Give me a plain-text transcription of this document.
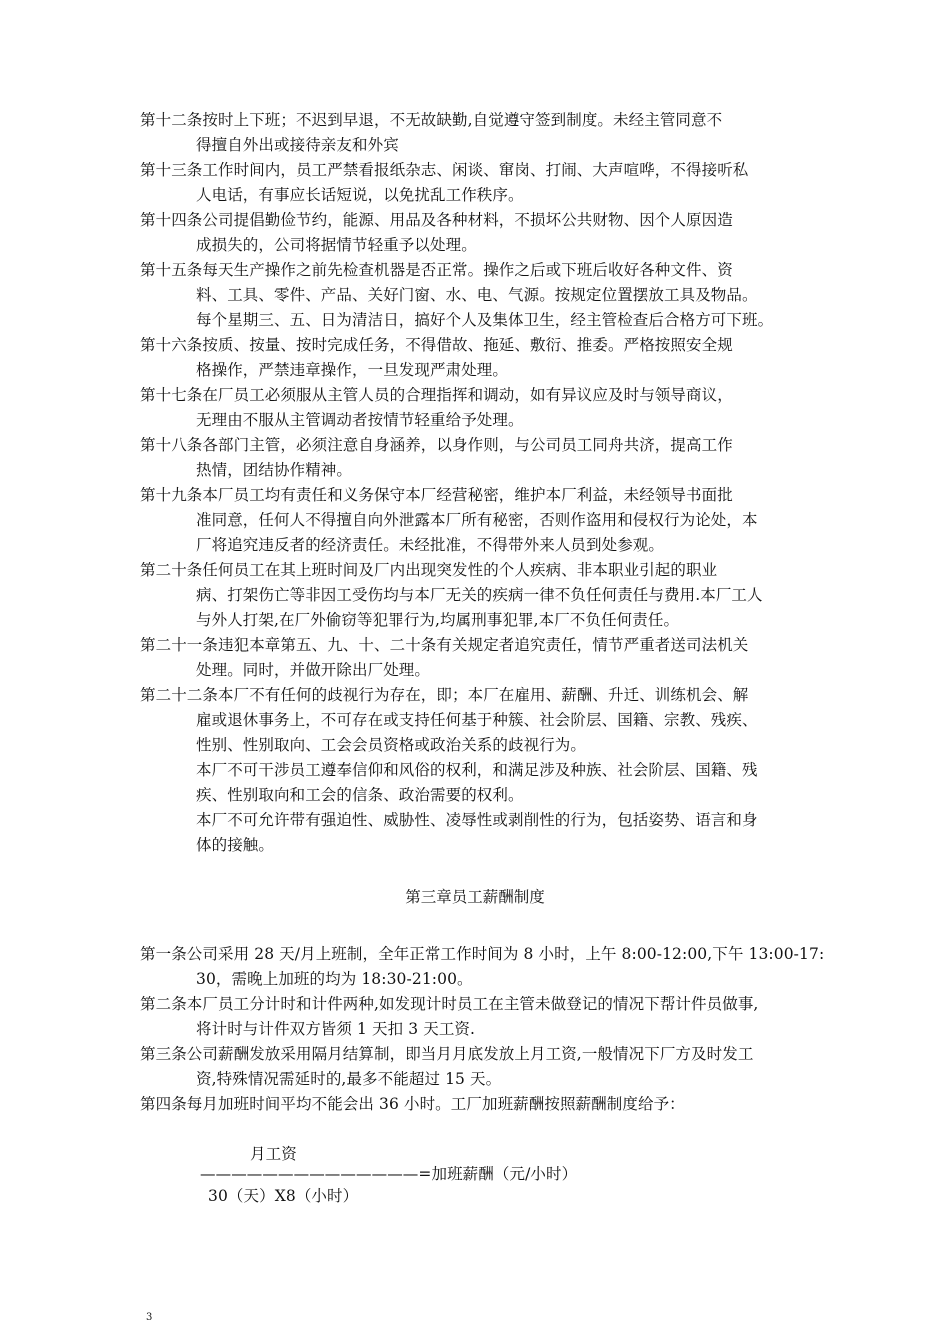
第十二条按时上下班；不迟到早退，不无故缺勤,自觉遵守签到制度。未经主管同意不
得擅自外出或接待亲友和外宾
第十三条工作时间内，员工严禁看报纸杂志、闲谈、窜岗、打闹、大声喧哗，不得接听私
人电话，有事应长话短说，以免扰乱工作秩序。
第十四条公司提倡勤俭节约，能源、用品及各种材料，不损坏公共财物、因个人原因造
成损失的，公司将据情节轻重予以处理。
第十五条每天生产操作之前先检查机器是否正常。操作之后或下班后收好各种文件、资
料、工具、零件、产品、关好门窗、水、电、气源。按规定位置摆放工具及物品。
每个星期三、五、日为清洁日，搞好个人及集体卫生，经主管检查后合格方可下班。
第十六条按质、按量、按时完成任务，不得借故、拖延、敷衍、推委。严格按照安全规
格操作，严禁违章操作，一旦发现严肃处理。
第十七条在厂员工必须服从主管人员的合理指挥和调动，如有异议应及时与领导商议，
无理由不服从主管调动者按情节轻重给予处理。
第十八条各部门主管，必须注意自身涵养，以身作则，与公司员工同舟共济，提高工作
热情，团结协作精神。
第十九条本厂员工均有责任和义务保守本厂经营秘密，维护本厂利益，未经领导书面批
准同意，任何人不得擅自向外泄露本厂所有秘密，否则作盗用和侵权行为论处，本
厂将追究违反者的经济责任。未经批准，不得带外来人员到处参观。
第二十条任何员工在其上班时间及厂内出现突发性的个人疾病、非本职业引起的职业
病、打架伤亡等非因工受伤均与本厂无关的疾病一律不负任何责任与费用.本厂工人
与外人打架,在厂外偷窃等犯罪行为,均属刑事犯罪,本厂不负任何责任。
第二十一条违犯本章第五、九、十、二十条有关规定者追究责任，情节严重者送司法机关
处理。同时，并做开除出厂处理。
第二十二条本厂不有任何的歧视行为存在，即；本厂在雇用、薪酬、升迁、训练机会、解
雇或退休事务上，不可存在或支持任何基于种簇、社会阶层、国籍、宗教、残疾、
性别、性别取向、工会会员资格或政治关系的歧视行为。
本厂不可干涉员工遵奉信仰和风俗的权利，和满足涉及种族、社会阶层、国籍、残
疾、性别取向和工会的信条、政治需要的权利。
本厂不可允许带有强迫性、威胁性、凌辱性或剥削性的行为，包括姿势、语言和身
体的接触。
第三章员工薪酬制度
第一条公司采用 28 天/月上班制，全年正常工作时间为 8 小时，上午 8:00-12:00,下午 13:00-17:
30，需晚上加班的均为 18:30-21:00。
第二条本厂员工分计时和计件两种,如发现计时员工在主管未做登记的情况下帮计件员做事,
将计时与计件双方皆须 1 天扣 3 天工资.
第三条公司薪酬发放采用隔月结算制，即当月月底发放上月工资,一般情况下厂方及时发工
资,特殊情况需延时的,最多不能超过 15 天。
第四条每月加班时间平均不能会出 36 小时。工厂加班薪酬按照薪酬制度给予：
月工资
——————————————=加班薪酬（元/小时）
30（天）X8（小时）
3
